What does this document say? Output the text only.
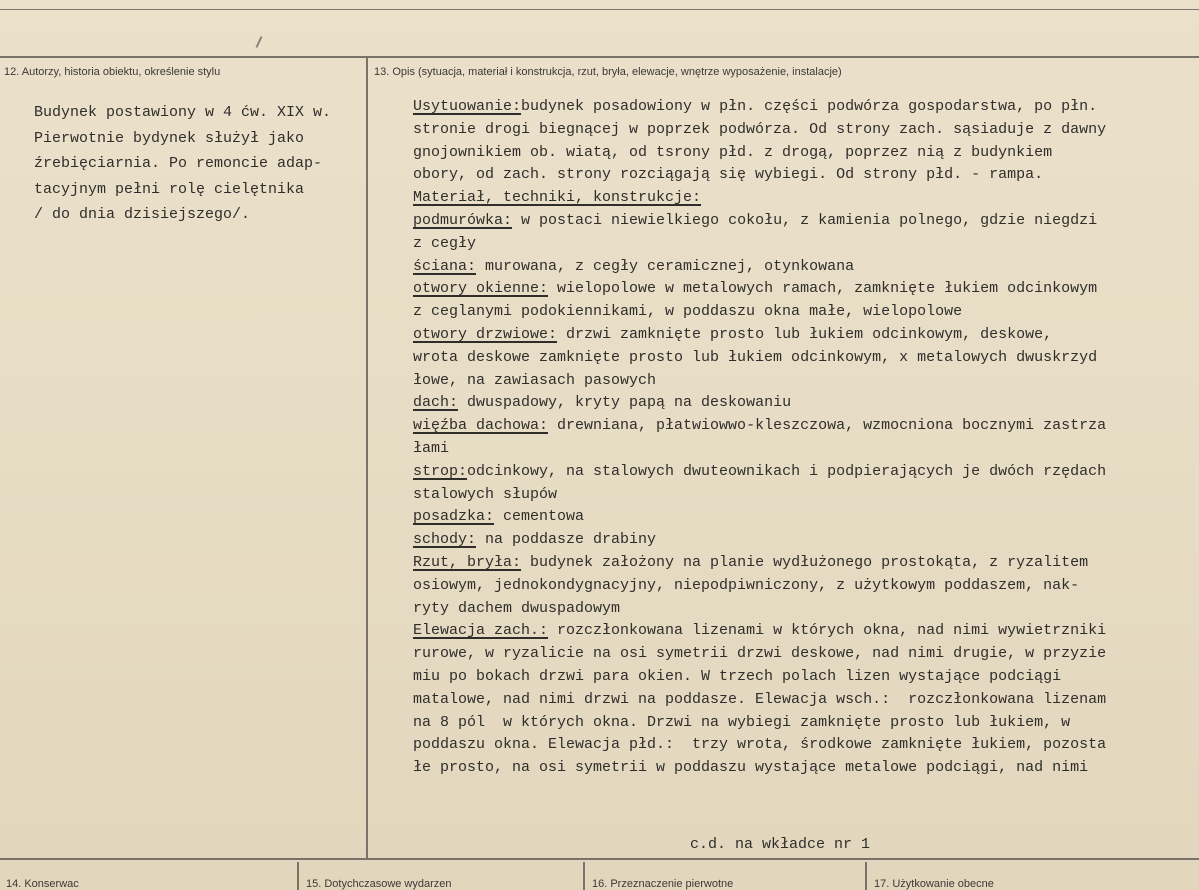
12. Autorzy, historia obiektu, określenie stylu	13. Opis (sytuacja, materiał i konstrukcja, rzut, bryła, elewacje, wnętrze wyposażenie, instalacje)
Budynek postawiony w 4 ćw. XIX w.
Pierwotnie bydynek służył jako
źrebięciarnia. Po remoncie adap-
tacyjnym pełni rolę cielętnika
/ do dnia dzisiejszego/.
Usytuowanie:budynek posadowiony w płn. części podwórza gospodarstwa, po płn.
stronie drogi biegnącej w poprzek podwórza. Od strony zach. sąsiaduje z dawny
gnojownikiem ob. wiatą, od tsrony płd. z drogą, poprzez nią z budynkiem
obory, od zach. strony rozciągają się wybiegi. Od strony płd. - rampa.
Materiał, techniki, konstrukcje:
podmurówka: w postaci niewielkiego cokołu, z kamienia polnego, gdzie niegdzi
z cegły
ściana: murowana, z cegły ceramicznej, otynkowana
otwory okienne: wielopolowe w metalowych ramach, zamknięte łukiem odcinkowym
z ceglanymi podokiennikami, w poddaszu okna małe, wielopolowe
otwory drzwiowe: drzwi zamknięte prosto lub łukiem odcinkowym, deskowe,
wrota deskowe zamknięte prosto lub łukiem odcinkowym, x metalowych dwuskrzyd
łowe, na zawiasach pasowych
dach: dwuspadowy, kryty papą na deskowaniu
więźba dachowa: drewniana, płatwiowwo-kleszczowa, wzmocniona bocznymi zastrza
łami
strop:odcinkowy, na stalowych dwuteownikach i podpierających je dwóch rzędach
stalowych słupów
posadzka: cementowa
schody: na poddasze drabiny
Rzut, bryła: budynek założony na planie wydłużonego prostokąta, z ryzalitem
osiowym, jednokondygnacyjny, niepodpiwniczony, z użytkowym poddaszem, nak-
ryty dachem dwuspadowym
Elewacja zach.: rozczłonkowana lizenami w których okna, nad nimi wywietrzniki
rurowe, w ryzalicie na osi symetrii drzwi deskowe, nad nimi drugie, w przyzie
miu po bokach drzwi para okien. W trzech polach lizen wystające podciągi
matalowe, nad nimi drzwi na poddasze. Elewacja wsch.:  rozczłonkowana lizenam
na 8 pól  w których okna. Drzwi na wybiegi zamknięte prosto lub łukiem, w
poddaszu okna. Elewacja płd.:  trzy wrota, środkowe zamknięte łukiem, pozosta
łe prosto, na osi symetrii w poddaszu wystające metalowe podciągi, nad nimi
c.d. na wkładce nr 1
14. Konserwac	15. Dotychczasowe wydarzen	16. Przeznaczenie pierwotne	17. Użytkowanie obecne
